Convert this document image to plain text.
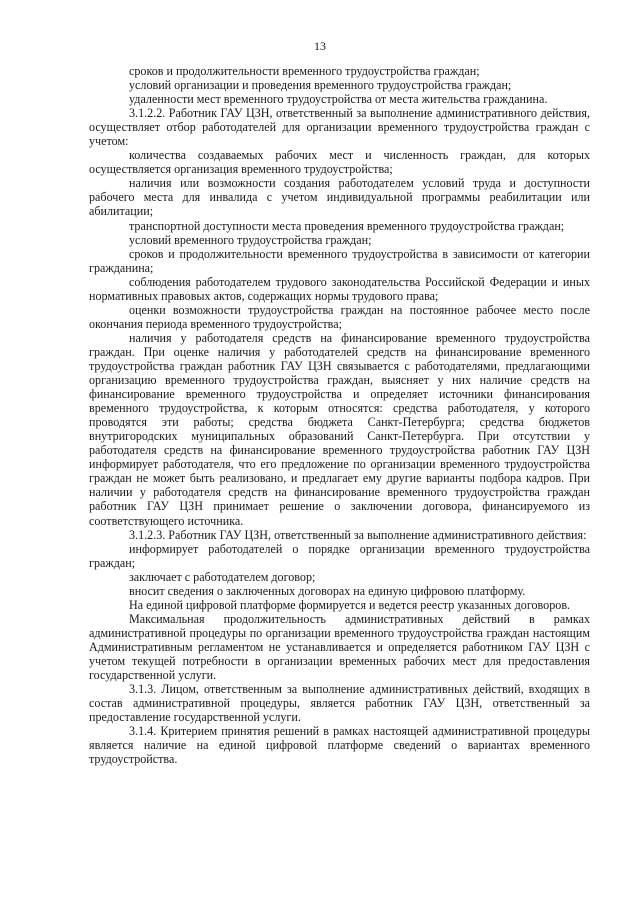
13

сроков и продолжительности временного трудоустройства граждан;

условий организации и проведения временного трудоустройства граждан;

удаленности мест временного трудоустройства от места жительства гражданина.

3.1.2.2. Работник ГАУ ЦЗН, ответственный за выполнение административного действия, осуществляет отбор работодателей для организации временного трудоустройства граждан с учетом:

количества создаваемых рабочих мест и численность граждан, для которых осуществляется организация временного трудоустройства;

наличия или возможности создания работодателем условий труда и доступности рабочего места для инвалида с учетом индивидуальной программы реабилитации или абилитации;

транспортной доступности места проведения временного трудоустройства граждан;

условий временного трудоустройства граждан;

сроков и продолжительности временного трудоустройства в зависимости от категории гражданина;

соблюдения работодателем трудового законодательства Российской Федерации и иных нормативных правовых актов, содержащих нормы трудового права;

оценки возможности трудоустройства граждан на постоянное рабочее место после окончания периода временного трудоустройства;

наличия у работодателя средств на финансирование временного трудоустройства граждан. При оценке наличия у работодателей средств на финансирование временного трудоустройства граждан работник ГАУ ЦЗН связывается с работодателями, предлагающими организацию временного трудоустройства граждан, выясняет у них наличие средств на финансирование временного трудоустройства и определяет источники финансирования временного трудоустройства, к которым относятся: средства работодателя, у которого проводятся эти работы; средства бюджета Санкт-Петербурга; средства бюджетов внутригородских муниципальных образований Санкт-Петербурга. При отсутствии у работодателя средств на финансирование временного трудоустройства работник ГАУ ЦЗН информирует работодателя, что его предложение по организации временного трудоустройства граждан не может быть реализовано, и предлагает ему другие варианты подбора кадров. При наличии у работодателя средств на финансирование временного трудоустройства граждан работник ГАУ ЦЗН принимает решение о заключении договора, финансируемого из соответствующего источника.

3.1.2.3. Работник ГАУ ЦЗН, ответственный за выполнение административного действия:

информирует работодателей о порядке организации временного трудоустройства граждан;

заключает с работодателем договор;

вносит сведения о заключенных договорах на единую цифровою платформу.

На единой цифровой платформе формируется и ведется реестр указанных договоров.

Максимальная продолжительность административных действий в рамках административной процедуры по организации временного трудоустройства граждан настоящим Административным регламентом не устанавливается и определяется работником ГАУ ЦЗН с учетом текущей потребности в организации временных рабочих мест для предоставления государственной услуги.

3.1.3. Лицом, ответственным за выполнение административных действий, входящих в состав административной процедуры, является работник ГАУ ЦЗН, ответственный за предоставление государственной услуги.

3.1.4. Критерием принятия решений в рамках настоящей административной процедуры является наличие на единой цифровой платформе сведений о вариантах временного трудоустройства.
